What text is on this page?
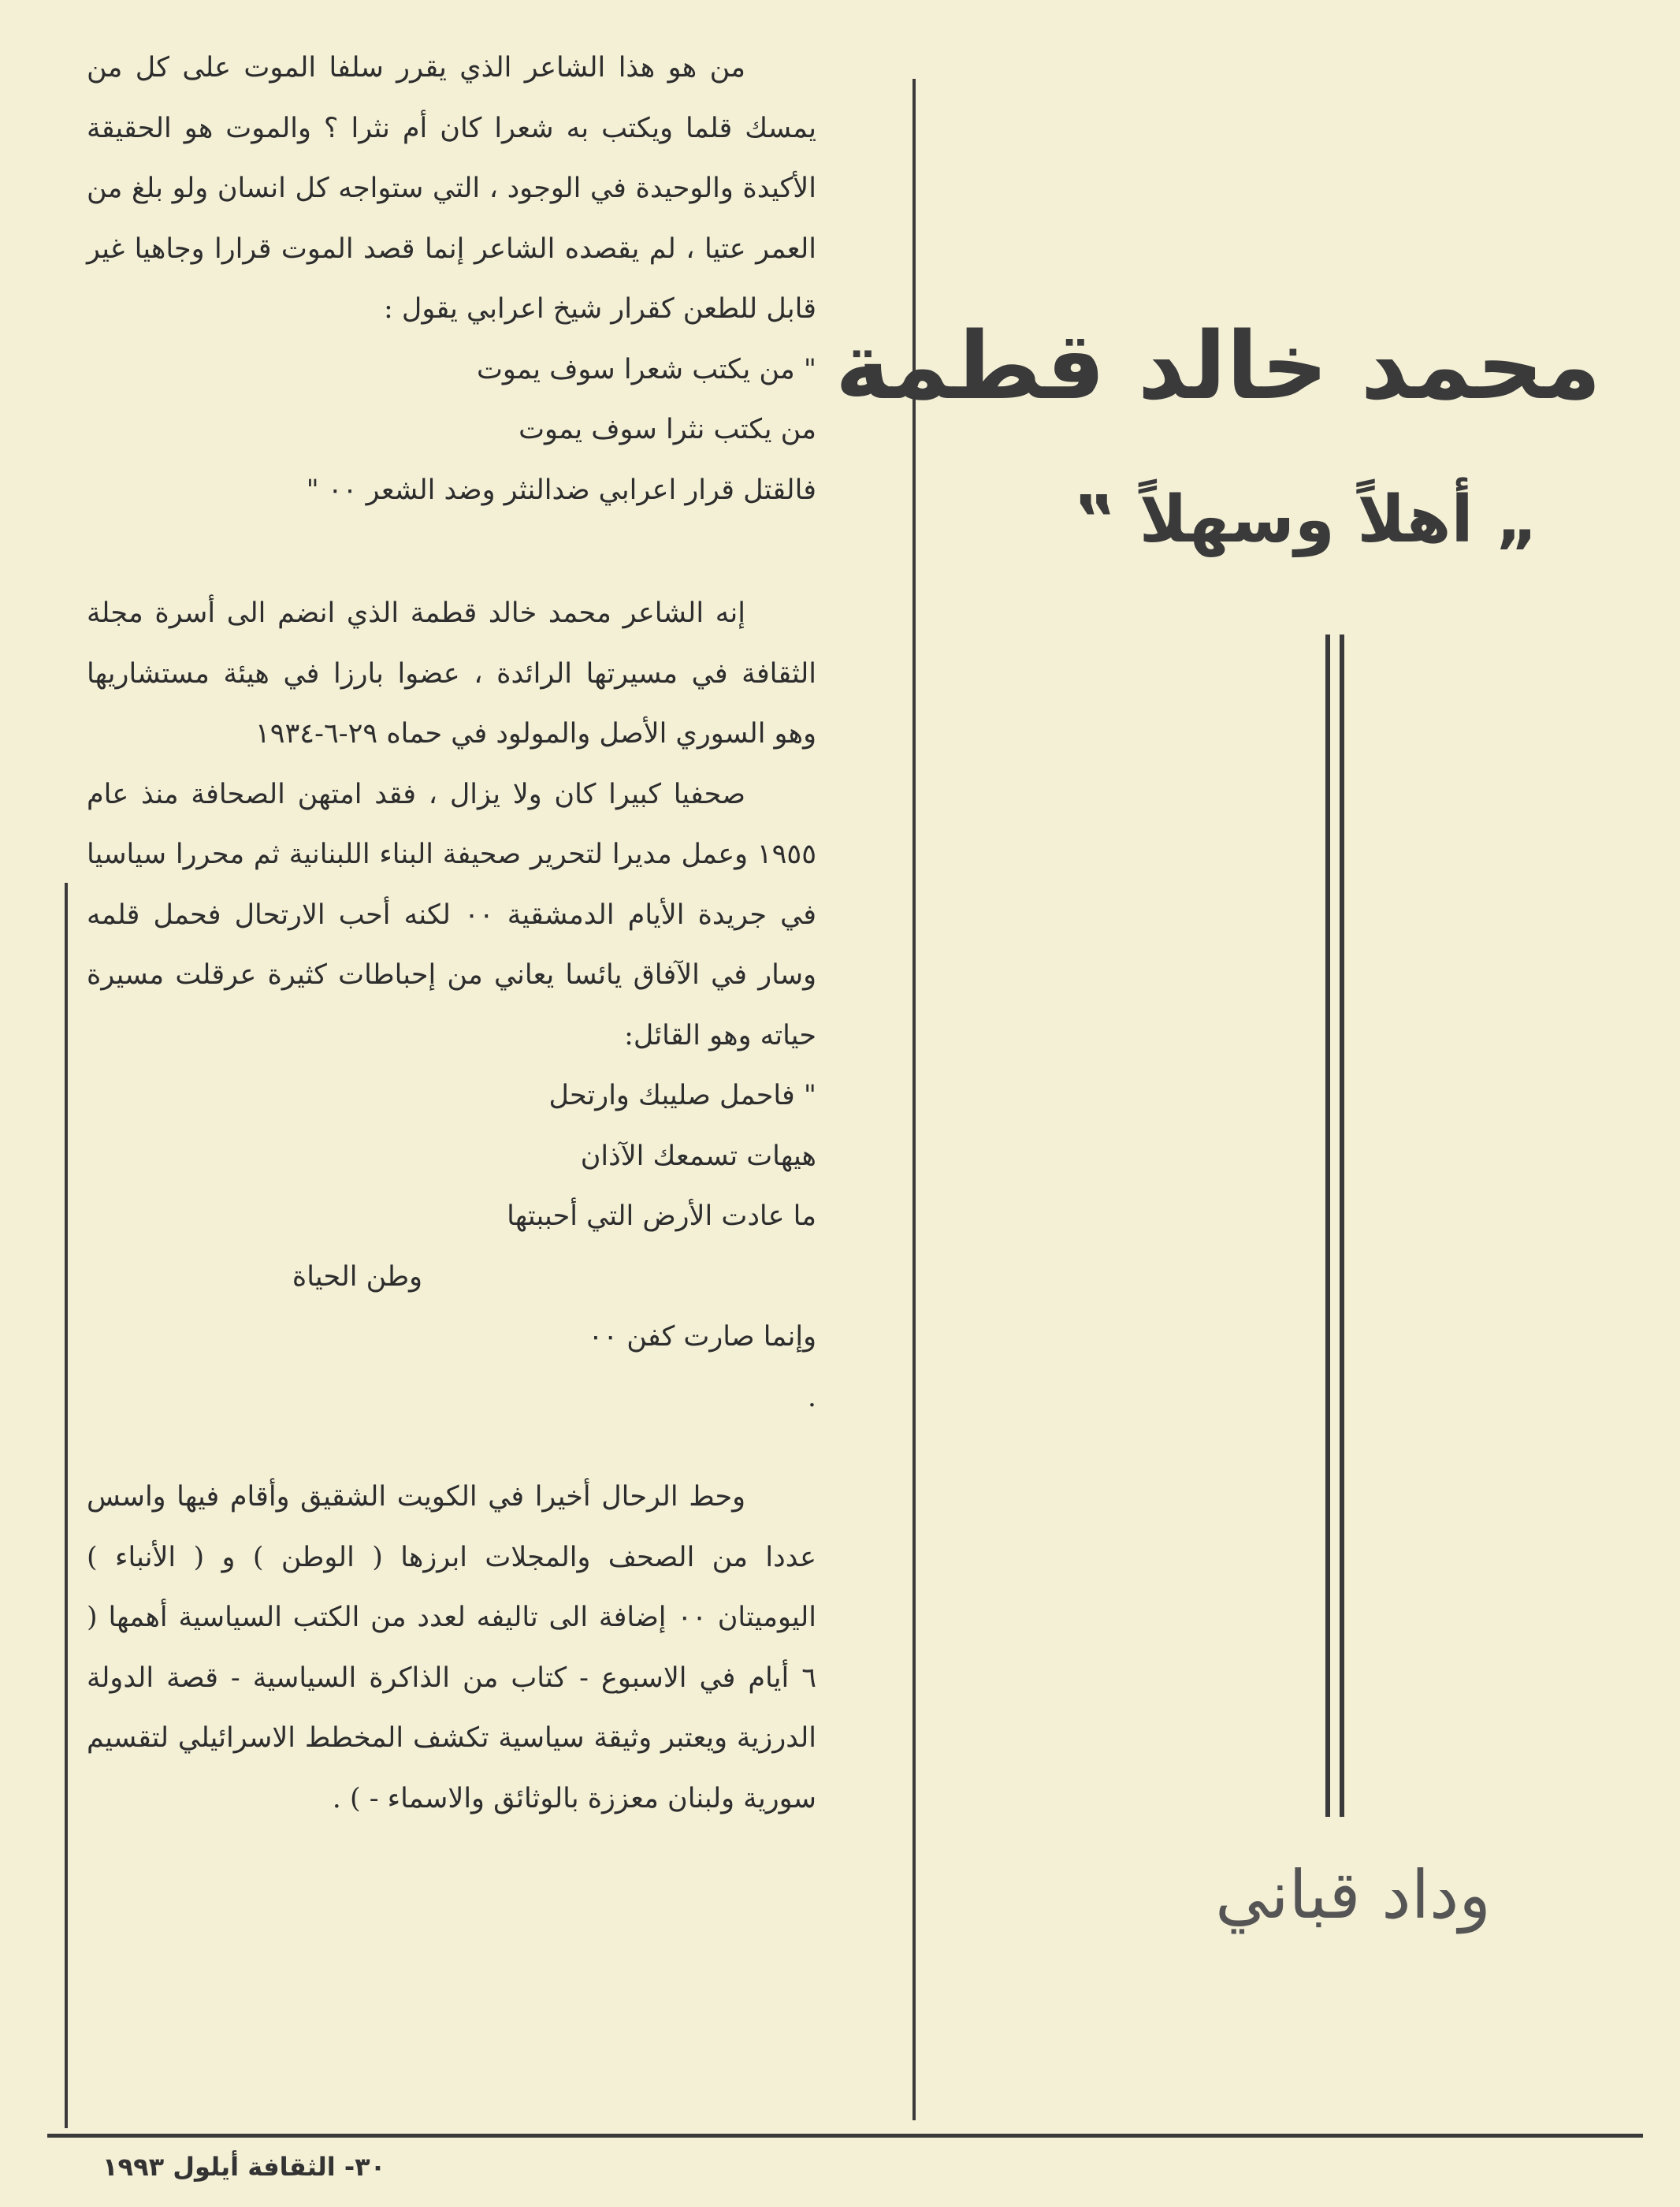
محمد خالد قطمة
„ أهلاً وسهلاً ‟
وداد قباني

من هو هذا الشاعر الذي يقرر سلفا الموت على كل من يمسك قلما ويكتب به شعرا كان أم نثرا ؟ والموت هو الحقيقة الأكيدة والوحيدة في الوجود ، التي ستواجه كل انسان ولو بلغ من العمر عتيا ، لم يقصده الشاعر إنما قصد الموت قرارا وجاهيا غير قابل للطعن كقرار شيخ اعرابي يقول :

" من يكتب شعرا سوف يموت

من يكتب نثرا سوف يموت

فالقتل قرار اعرابي ضدالنثر وضد الشعر ٠٠ "

إنه الشاعر محمد خالد قطمة الذي انضم الى أسرة مجلة الثقافة في مسيرتها الرائدة ، عضوا بارزا في هيئة مستشاريها وهو السوري الأصل والمولود في حماه ٢٩-٦-١٩٣٤

صحفيا كبيرا كان ولا يزال ، فقد امتهن الصحافة منذ عام ١٩٥٥ وعمل مديرا لتحرير صحيفة البناء اللبنانية ثم محررا سياسيا في جريدة الأيام الدمشقية ٠٠ لكنه أحب الارتحال فحمل قلمه وسار في الآفاق يائسا يعاني من إحباطات كثيرة عرقلت مسيرة حياته وهو القائل:

" فاحمل صليبك وارتحل

هيهات تسمعك الآذان

ما عادت الأرض التي أحببتها

وطن الحياة

وإنما صارت كفن ٠٠

.

وحط الرحال أخيرا في الكويت الشقيق وأقام فيها واسس عددا من الصحف والمجلات ابرزها ( الوطن ) و ( الأنباء ) اليوميتان ٠٠ إضافة الى تاليفه لعدد من الكتب السياسية أهمها ( ٦ أيام في الاسبوع - كتاب من الذاكرة السياسية - قصة الدولة الدرزية ويعتبر وثيقة سياسية تكشف المخطط الاسرائيلي لتقسيم سورية ولبنان معززة بالوثائق والاسماء - ) .

٣٠- الثقافة أيلول ١٩٩٣
